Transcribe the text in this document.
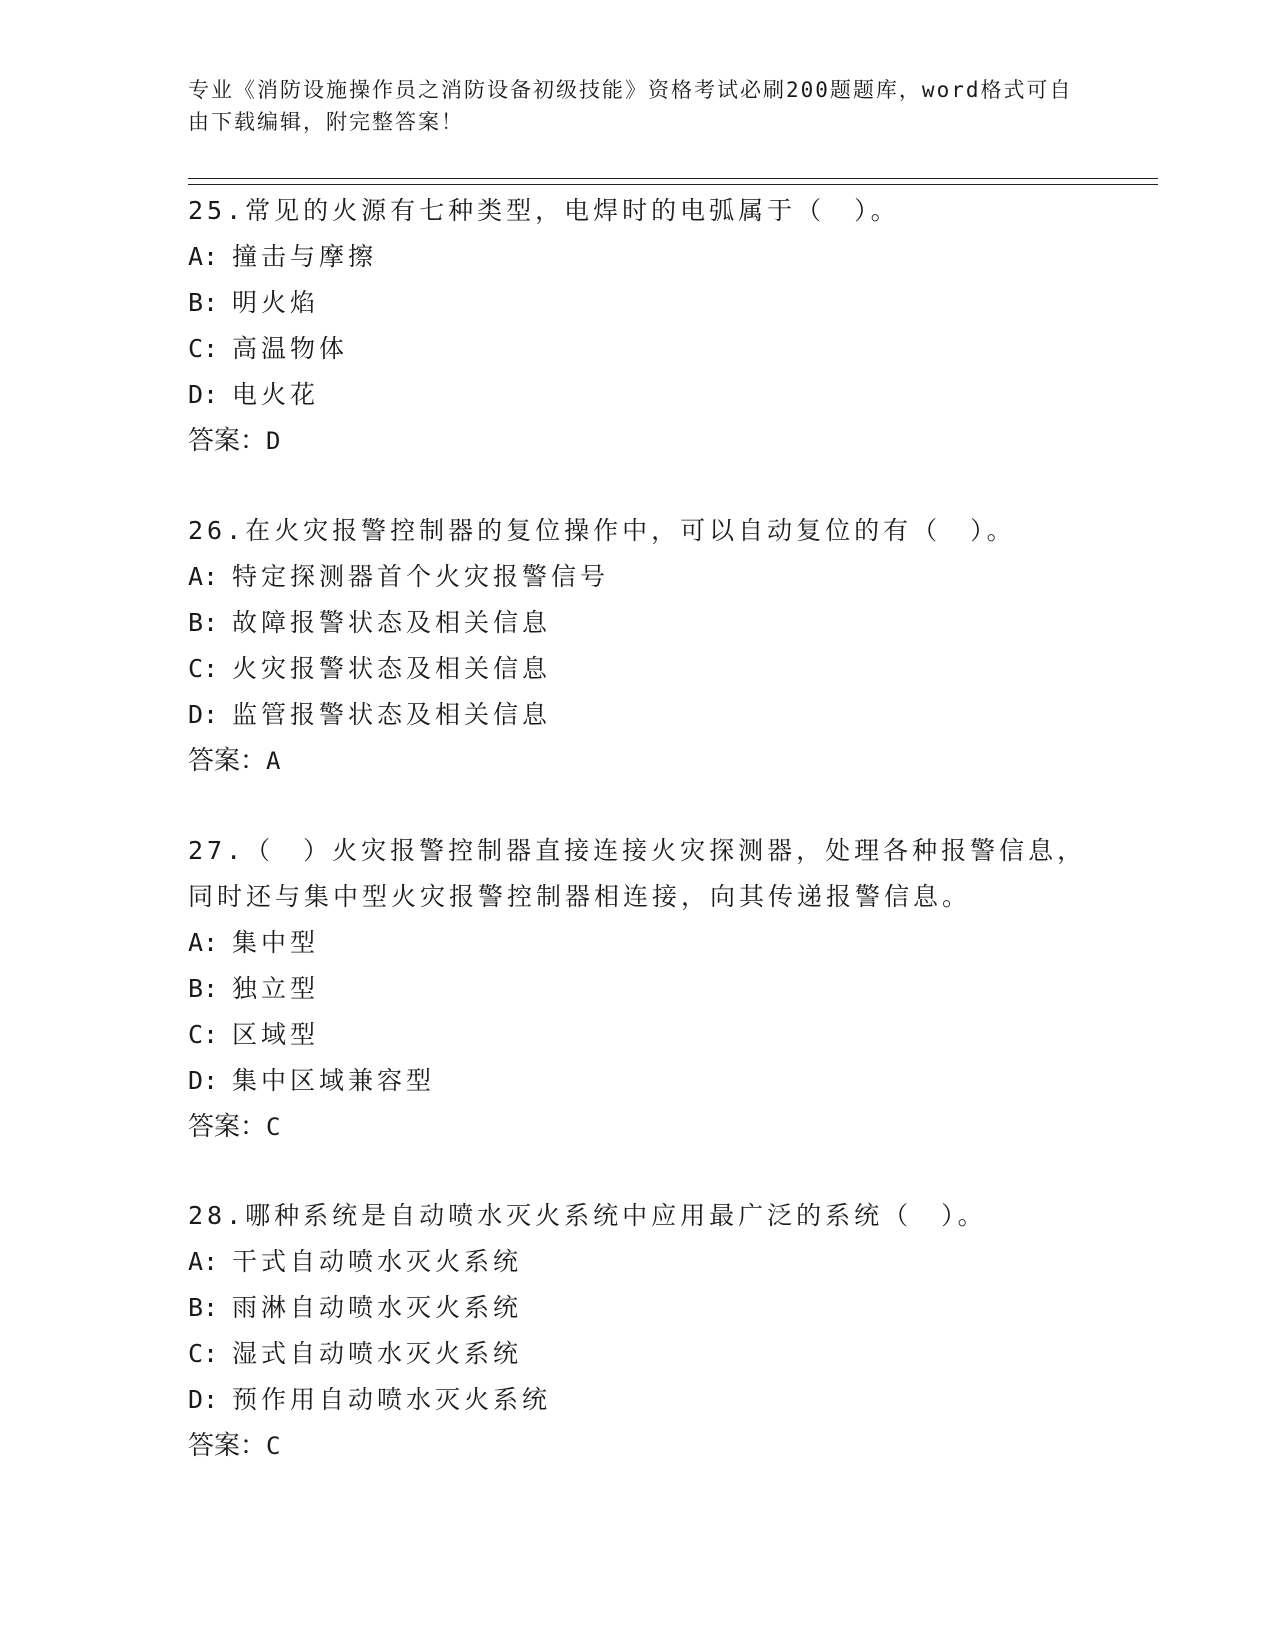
专业《消防设施操作员之消防设备初级技能》资格考试必刷200题题库，word格式可自由下载编辑，附完整答案！

25.常见的火源有七种类型，电焊时的电弧属于（　）。

A: 撞击与摩擦

B: 明火焰

C: 高温物体

D: 电火花

答案：D

26.在火灾报警控制器的复位操作中，可以自动复位的有（　）。

A: 特定探测器首个火灾报警信号

B: 故障报警状态及相关信息

C: 火灾报警状态及相关信息

D: 监管报警状态及相关信息

答案：A

27.（　）火灾报警控制器直接连接火灾探测器，处理各种报警信息，同时还与集中型火灾报警控制器相连接，向其传递报警信息。

A: 集中型

B: 独立型

C: 区域型

D: 集中区域兼容型

答案：C

28.哪种系统是自动喷水灭火系统中应用最广泛的系统（　）。

A: 干式自动喷水灭火系统

B: 雨淋自动喷水灭火系统

C: 湿式自动喷水灭火系统

D: 预作用自动喷水灭火系统

答案：C
